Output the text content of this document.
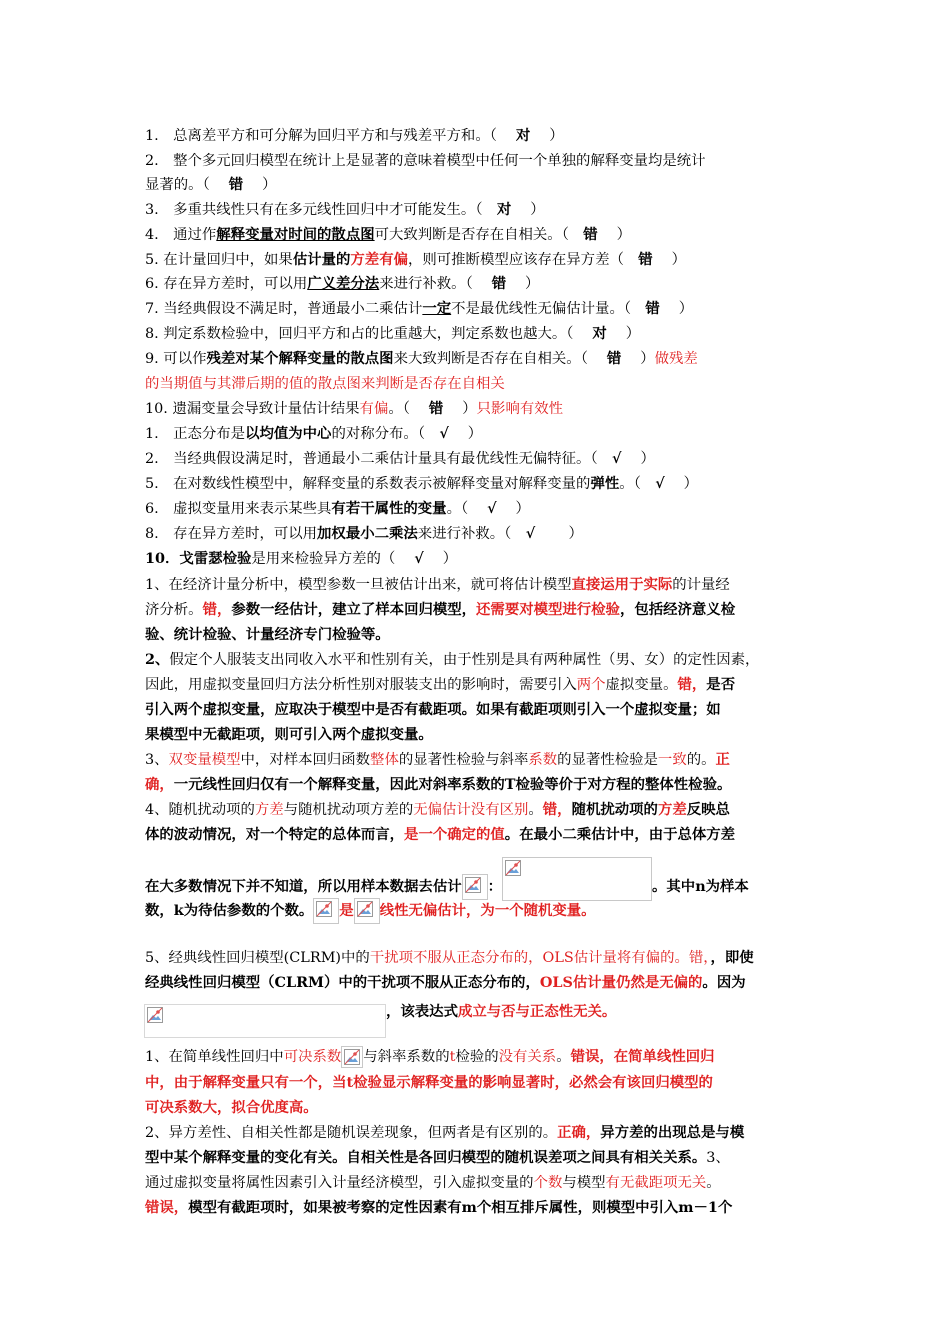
1.　总离差平方和可分解为回归平方和与残差平方和。（　 对　 ）
2.　整个多元回归模型在统计上是显著的意味着模型中任何一个单独的解释变量均是统计
显著的。（　 错　 ）
3.　多重共线性只有在多元线性回归中才可能发生。（　对　 ）
4.　通过作解释变量对时间的散点图可大致判断是否存在自相关。（　错　 ）
5. 在计量回归中，如果估计量的方差有偏，则可推断模型应该存在异方差（　错　 ）
6. 存在异方差时，可以用广义差分法来进行补救。（　 错　 ）
7. 当经典假设不满足时，普通最小二乘估计一定不是最优线性无偏估计量。（　错　 ）
8. 判定系数检验中，回归平方和占的比重越大，判定系数也越大。（　 对　 ）
9. 可以作残差对某个解释变量的散点图来大致判断是否存在自相关。（　 错　 ）做残差
的当期值与其滞后期的值的散点图来判断是否存在自相关
10. 遗漏变量会导致计量估计结果有偏。（　 错　 ）只影响有效性
1.　正态分布是以均值为中心的对称分布。（　√　 ）
2.　当经典假设满足时，普通最小二乘估计量具有最优线性无偏特征。（　√　 ）
5.　在对数线性模型中，解释变量的系数表示被解释变量对解释变量的弹性。（　√　 ）
6.　虚拟变量用来表示某些具有若干属性的变量。（　 √　 ）
8.　存在异方差时，可以用加权最小二乘法来进行补救。（　√　 　）
10．戈雷瑟检验是用来检验异方差的（　 √　 ）
1、在经济计量分析中，模型参数一旦被估计出来，就可将估计模型直接运用于实际的计量经
济分析。错，参数一经估计，建立了样本回归模型，还需要对模型进行检验，包括经济意义检
验、统计检验、计量经济专门检验等。
2、假定个人服装支出同收入水平和性别有关，由于性别是具有两种属性（男、女）的定性因素，
因此，用虚拟变量回归方法分析性别对服装支出的影响时，需要引入两个虚拟变量。错，是否
引入两个虚拟变量，应取决于模型中是否有截距项。如果有截距项则引入一个虚拟变量；如
果模型中无截距项，则可引入两个虚拟变量。
3、双变量模型中，对样本回归函数整体的显著性检验与斜率系数的显著性检验是一致的。正
确，一元线性回归仅有一个解释变量，因此对斜率系数的T检验等价于对方程的整体性检验。
4、随机扰动项的方差与随机扰动项方差的无偏估计没有区别。错，随机扰动项的方差反映总
体的波动情况，对一个特定的总体而言，是一个确定的值。在最小二乘估计中，由于总体方差
在大多数情况下并不知道，所以用样本数据去估计 ：	。其中n为样本
数，k为待估参数的个数。 是 线性无偏估计，为一个随机变量。
5、经典线性回归模型(CLRM)中的干扰项不服从正态分布的，OLS估计量将有偏的。错，，即使
经典线性回归模型（CLRM）中的干扰项不服从正态分布的，OLS估计量仍然是无偏的。因为
，该表达式成立与否与正态性无关。
1、在简单线性回归中可决系数 与斜率系数的t检验的没有关系。错误，在简单线性回归
中，由于解释变量只有一个，当t检验显示解释变量的影响显著时，必然会有该回归模型的
可决系数大，拟合优度高。
2、异方差性、自相关性都是随机误差现象，但两者是有区别的。正确，异方差的出现总是与模
型中某个解释变量的变化有关。自相关性是各回归模型的随机误差项之间具有相关关系。3、
通过虚拟变量将属性因素引入计量经济模型，引入虚拟变量的个数与模型有无截距项无关。
错误，模型有截距项时，如果被考察的定性因素有m个相互排斥属性，则模型中引入m－1个
